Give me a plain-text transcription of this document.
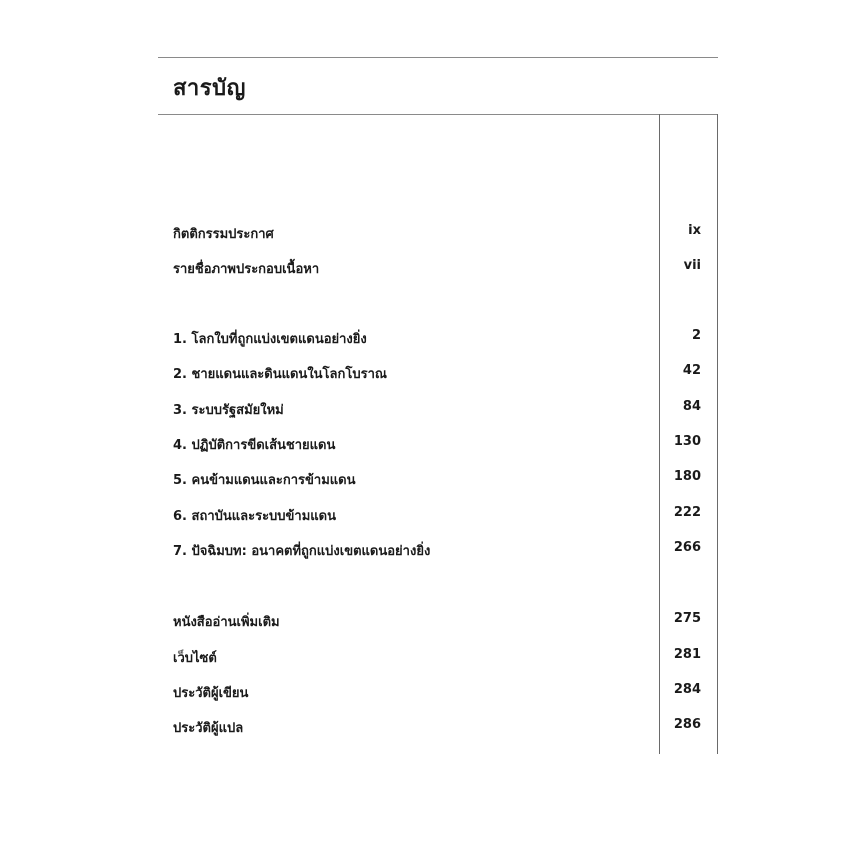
สารบัญ
กิตติกรรมประกาศ	ix
รายชื่อภาพประกอบเนื้อหา	vii
1. โลกใบที่ถูกแบ่งเขตแดนอย่างยิ่ง	2
2. ชายแดนและดินแดนในโลกโบราณ	42
3. ระบบรัฐสมัยใหม่	84
4. ปฏิบัติการขีดเส้นชายแดน	130
5. คนข้ามแดนและการข้ามแดน	180
6. สถาบันและระบบข้ามแดน	222
7. ปัจฉิมบท: อนาคตที่ถูกแบ่งเขตแดนอย่างยิ่ง	266
หนังสืออ่านเพิ่มเติม	275
เว็บไซต์	281
ประวัติผู้เขียน	284
ประวัติผู้แปล	286
